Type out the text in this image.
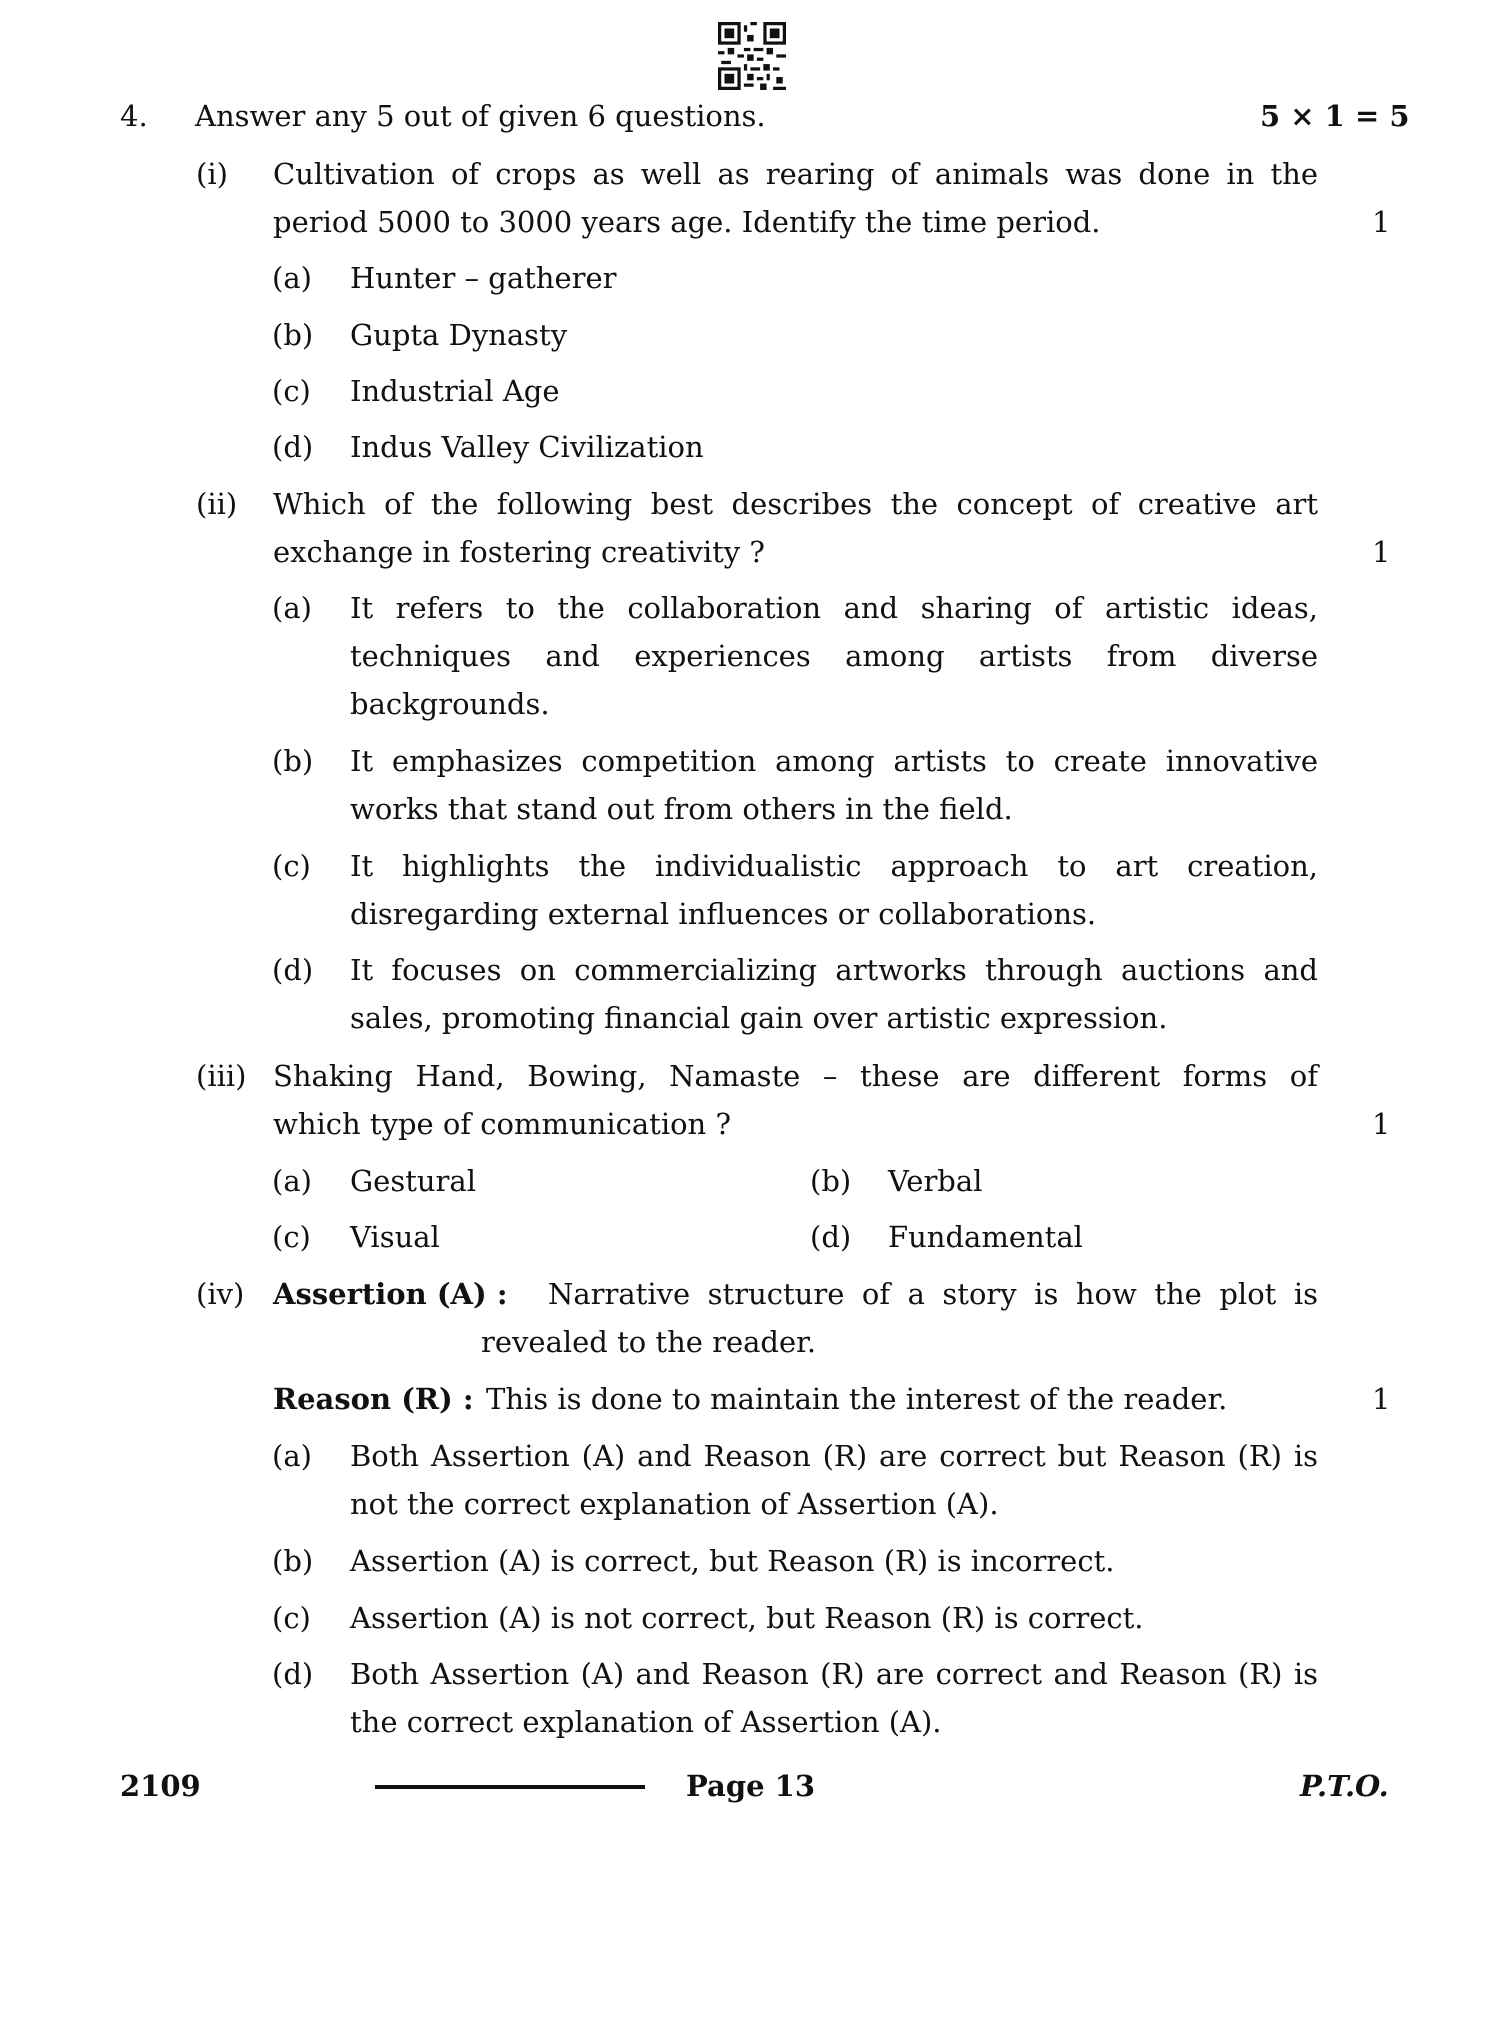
4. Answer any 5 out of given 6 questions.	5 × 1 = 5
(i) Cultivation of crops as well as rearing of animals was done in the
period 5000 to 3000 years age. Identify the time period.	1
(a) Hunter – gatherer
(b) Gupta Dynasty
(c) Industrial Age
(d) Indus Valley Civilization
(ii) Which of the following best describes the concept of creative art
exchange in fostering creativity ?	1
(a) It refers to the collaboration and sharing of artistic ideas,
techniques and experiences among artists from diverse
backgrounds.
(b) It emphasizes competition among artists to create innovative
works that stand out from others in the field.
(c) It highlights the individualistic approach to art creation,
disregarding external influences or collaborations.
(d) It focuses on commercializing artworks through auctions and
sales, promoting financial gain over artistic expression.
(iii) Shaking Hand, Bowing, Namaste – these are different forms of
which type of communication ?	1
(a) Gestural	(b) Verbal
(c) Visual	(d) Fundamental
(iv) Assertion (A) : Narrative structure of a story is how the plot is
revealed to the reader.
Reason (R) : This is done to maintain the interest of the reader.	1
(a) Both Assertion (A) and Reason (R) are correct but Reason (R) is
not the correct explanation of Assertion (A).
(b) Assertion (A) is correct, but Reason (R) is incorrect.
(c) Assertion (A) is not correct, but Reason (R) is correct.
(d) Both Assertion (A) and Reason (R) are correct and Reason (R) is
the correct explanation of Assertion (A).
2109	Page 13	P.T.O.
